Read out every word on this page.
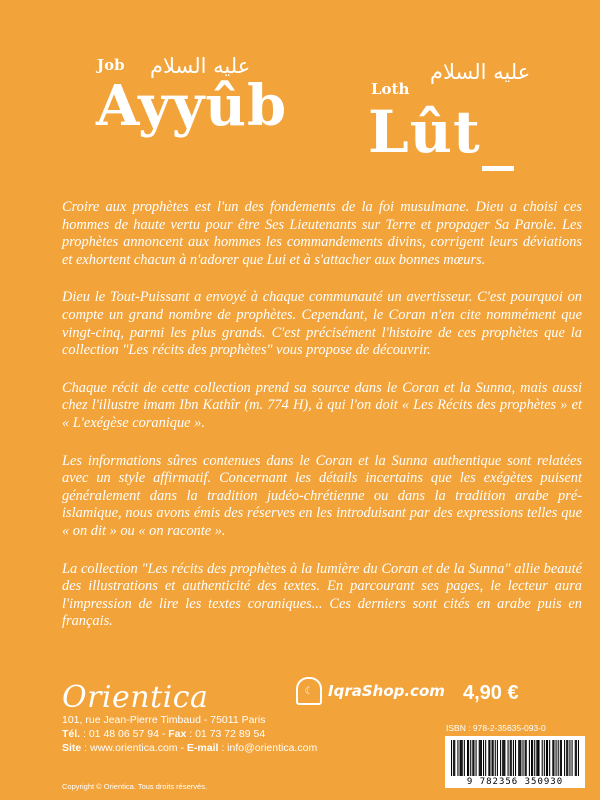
Job عليه السلام
Ayyûb	Loth
عليه السلام
Lût

Croire aux prophètes est l'un des fondements de la foi musulmane. Dieu a choisi ces hommes de haute vertu pour être Ses Lieutenants sur Terre et propager Sa Parole. Les prophètes annoncent aux hommes les commandements divins, corrigent leurs déviations et exhortent chacun à n'adorer que Lui et à s'attacher aux bonnes mœurs.

Dieu le Tout-Puissant a envoyé à chaque communauté un avertisseur. C'est pourquoi on compte un grand nombre de prophètes. Cependant, le Coran n'en cite nommément que vingt-cinq, parmi les plus grands. C'est précisément l'histoire de ces prophètes que la collection "Les récits des prophètes" vous propose de découvrir.

Chaque récit de cette collection prend sa source dans le Coran et la Sunna, mais aussi chez l'illustre imam Ibn Kathîr (m. 774 H), à qui l'on doit « Les Récits des prophètes » et « L'exégèse coranique ».

Les informations sûres contenues dans le Coran et la Sunna authentique sont relatées avec un style affirmatif. Concernant les détails incertains que les exégètes puisent généralement dans la tradition judéo-chrétienne ou dans la tradition arabe pré-islamique, nous avons émis des réserves en les introduisant par des expressions telles que « on dit » ou « on raconte ».

La collection "Les récits des prophètes à la lumière du Coran et de la Sunna" allie beauté des illustrations et authenticité des textes. En parcourant ses pages, le lecteur aura l'impression de lire les textes coraniques... Ces derniers sont cités en arabe puis en français.

Orientica
101, rue Jean-Pierre Timbaud - 75011 Paris
Tél. : 01 48 06 57 94 - Fax : 01 73 72 89 54
Site : www.orientica.com - E-mail : info@orientica.com
Copyright © Orientica. Tous droits réservés.
☾ IqraShop.com 4,90 €
ISBN : 978-2-35635-093-0
9 782356 350930
